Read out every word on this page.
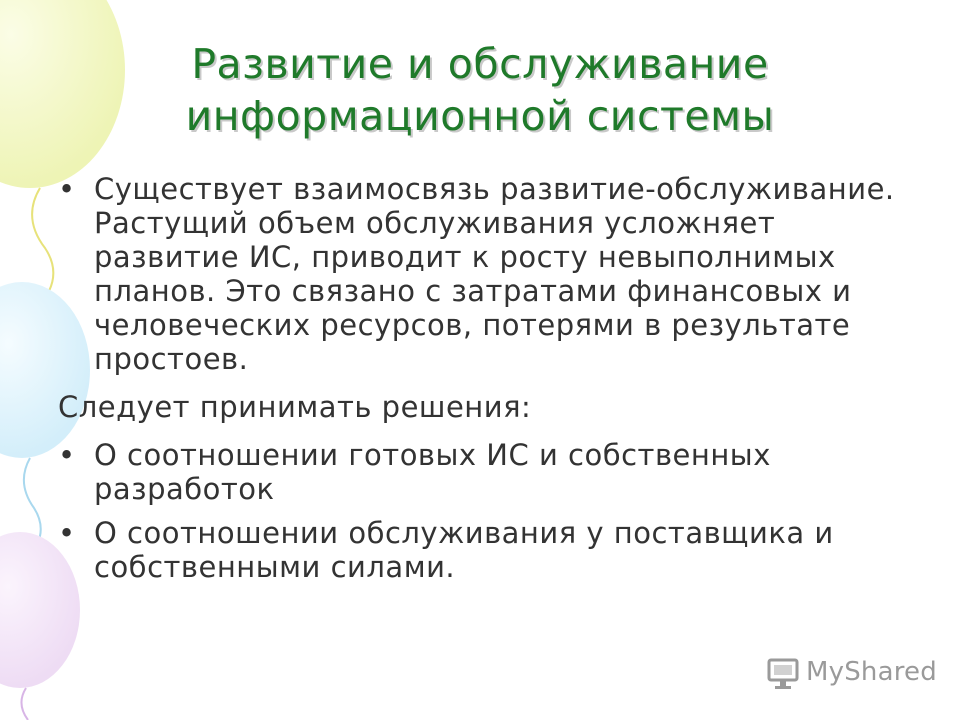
Развитие и обслуживание
информационной системы
• Существует взаимосвязь развитие-обслуживание. Растущий объем обслуживания усложняет развитие ИС, приводит к росту невыполнимых планов. Это связано с затратами финансовых и человеческих ресурсов, потерями в результате простоев.
Следует принимать решения:
• О соотношении готовых ИС и собственных разработок
• О соотношении обслуживания у поставщика и собственными силами.
MyShared
